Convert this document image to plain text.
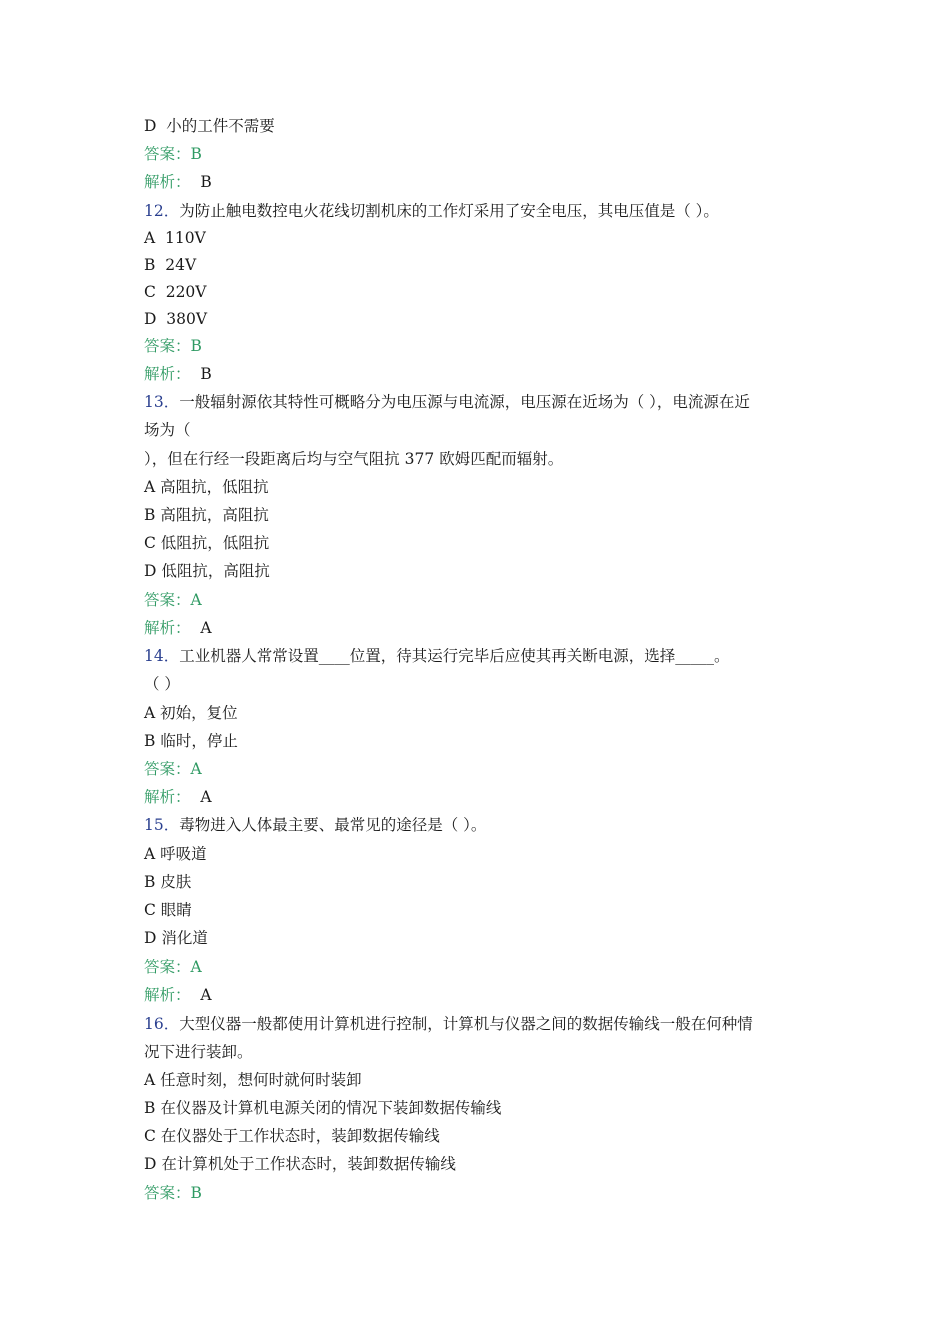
D  小的工件不需要
答案：B
解析：  B
12．为防止触电数控电火花线切割机床的工作灯采用了安全电压，其电压值是（ ）。
A  110V
B  24V
C  220V
D  380V
答案：B
解析：  B
13．一般辐射源依其特性可概略分为电压源与电流源，电压源在近场为（ ），电流源在近
场为（
），但在行经一段距离后均与空气阻抗 377 欧姆匹配而辐射。
A 高阻抗，低阻抗
B 高阻抗，高阻抗
C 低阻抗，低阻抗
D 低阻抗，高阻抗
答案：A
解析：  A
14．工业机器人常常设置____位置，待其运行完毕后应使其再关断电源，选择_____。
（ ）
A 初始，复位
B 临时，停止
答案：A
解析：  A
15．毒物进入人体最主要、最常见的途径是（ ）。
A 呼吸道
B 皮肤
C 眼睛
D 消化道
答案：A
解析：  A
16．大型仪器一般都使用计算机进行控制，计算机与仪器之间的数据传输线一般在何种情
况下进行装卸。
A 任意时刻，想何时就何时装卸
B 在仪器及计算机电源关闭的情况下装卸数据传输线
C 在仪器处于工作状态时，装卸数据传输线
D 在计算机处于工作状态时，装卸数据传输线
答案：B
